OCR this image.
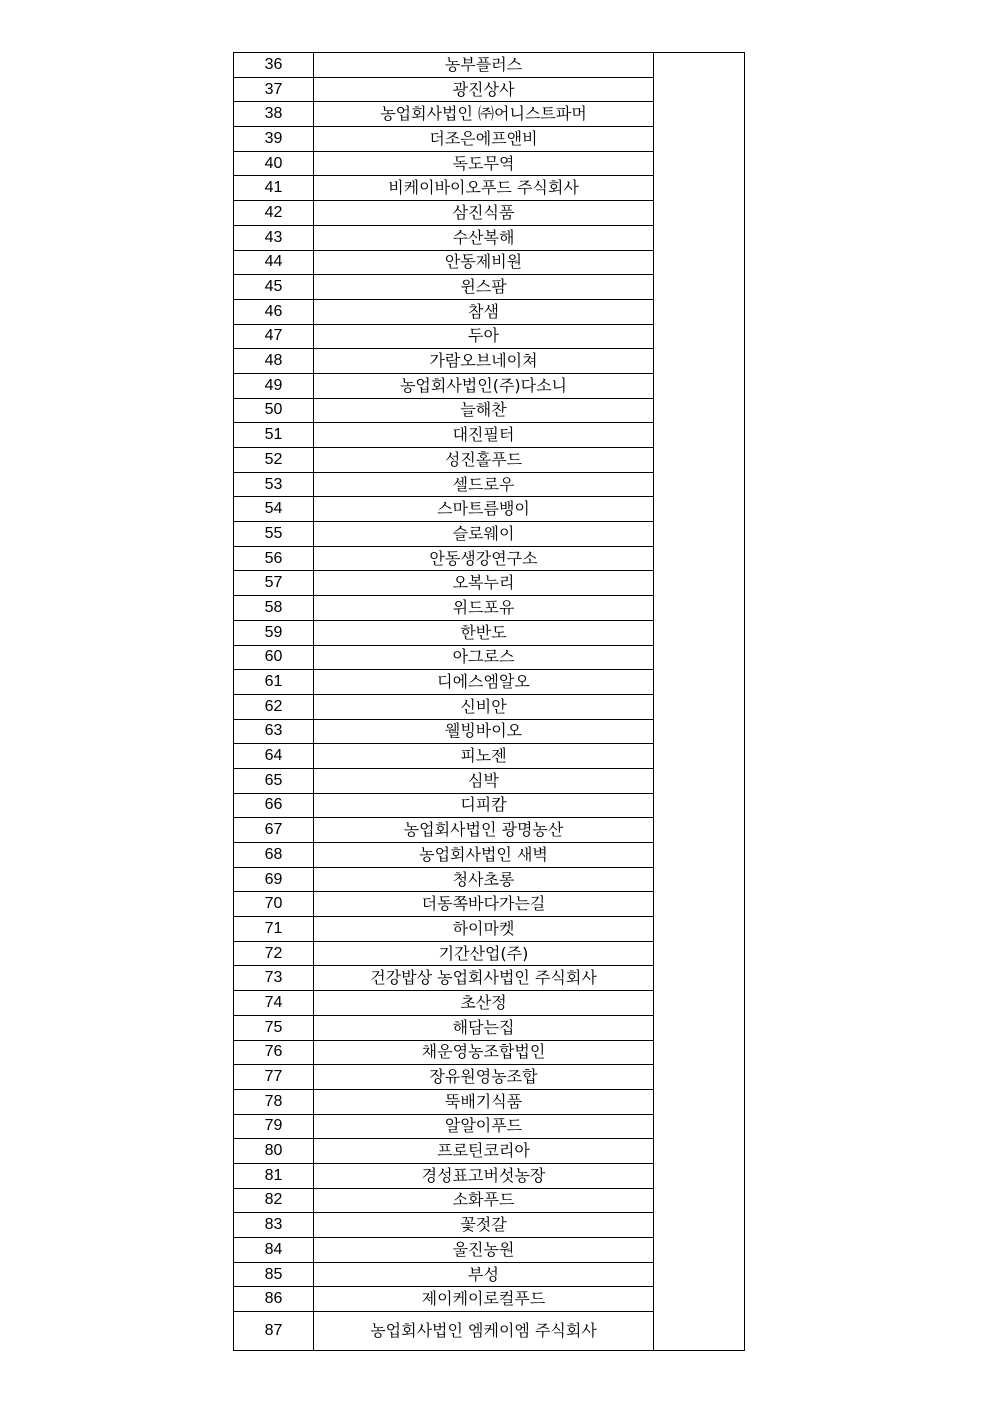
36	농부플러스	
37	광진상사	
38	농업회사법인 ㈜어니스트파머	
39	더조은에프앤비	
40	독도무역	
41	비케이바이오푸드 주식회사	
42	삼진식품	
43	수산복해	
44	안동제비원	
45	윈스팜	
46	참샘	
47	두아	
48	가람오브네이쳐	
49	농업회사법인(주)다소니	
50	늘해찬	
51	대진필터	
52	성진홀푸드	
53	셀드로우	
54	스마트름뱅이	
55	슬로웨이	
56	안동생강연구소	
57	오복누리	
58	위드포유	
59	한반도	
60	아그로스	
61	디에스엠알오	
62	신비안	
63	웰빙바이오	
64	피노젠	
65	심박	
66	디피캄	
67	농업회사법인 광명농산	
68	농업회사법인 새벽	
69	청사초롱	
70	더동쪽바다가는길	
71	하이마켓	
72	기간산업(주)	
73	건강밥상 농업회사법인 주식회사	
74	초산정	
75	해담는집	
76	채운영농조합법인	
77	장유원영농조합	
78	뚝배기식품	
79	알알이푸드	
80	프로틴코리아	
81	경성표고버섯농장	
82	소화푸드	
83	꽃젓갈	
84	울진농원	
85	부성	
86	제이케이로컬푸드	
87	농업회사법인 엠케이엠 주식회사	
